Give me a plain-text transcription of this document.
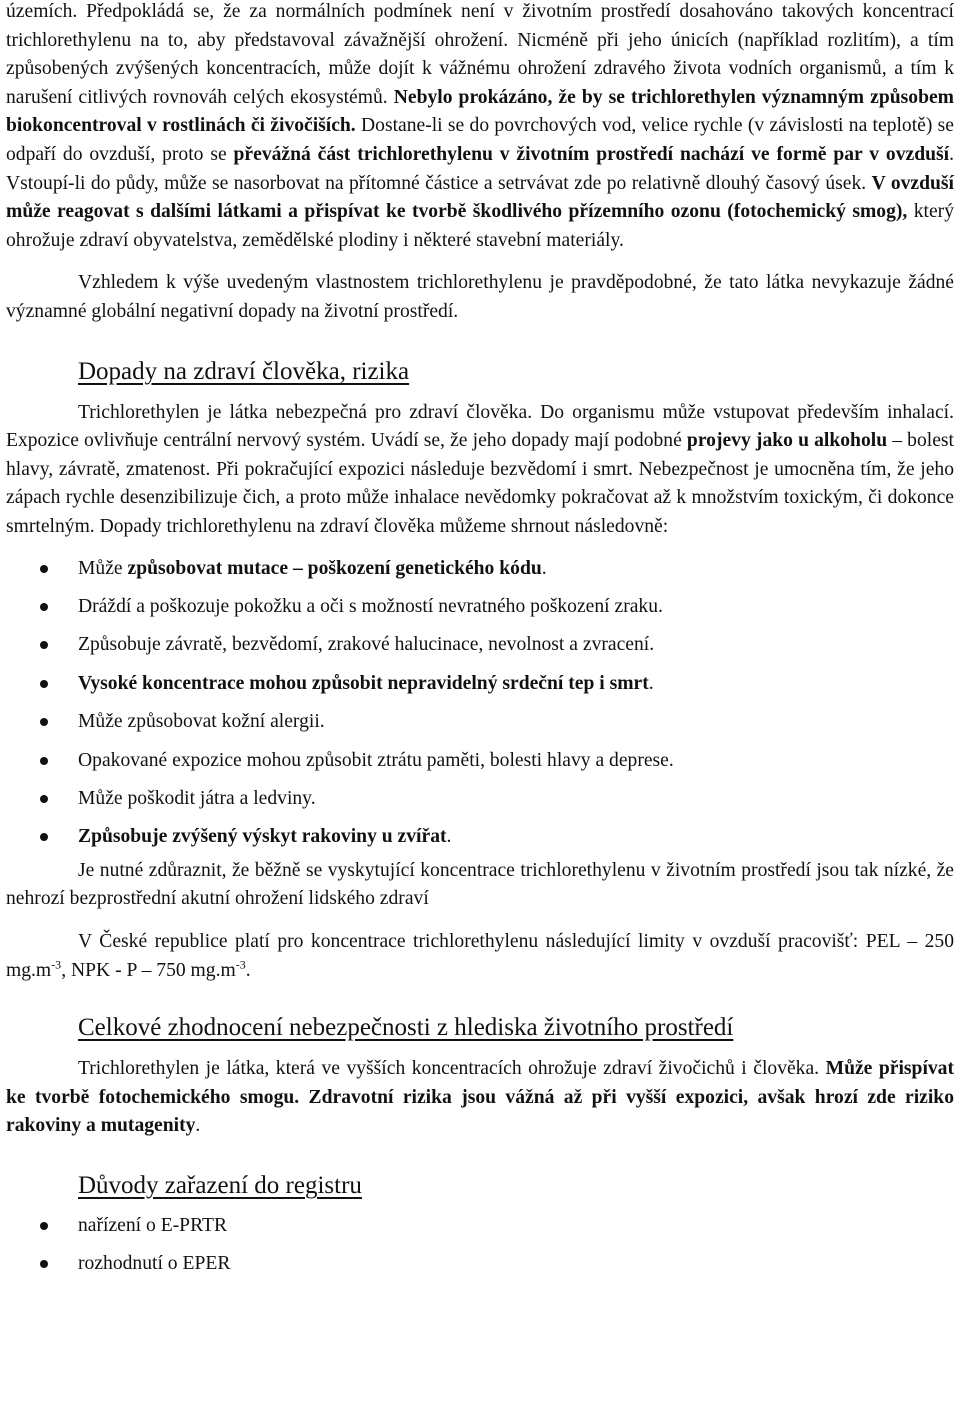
územích. Předpokládá se, že za normálních podmínek není v životním prostředí dosahováno takových koncentrací trichlorethylenu na to, aby představoval závažnější ohrožení. Nicméně při jeho únicích (například rozlitím), a tím způsobených zvýšených koncentracích, může dojít k vážnému ohrožení zdravého života vodních organismů, a tím k narušení citlivých rovnováh celých ekosystémů. Nebylo prokázáno, že by se trichlorethylen významným způsobem biokoncentroval v rostlinách či živočiších. Dostane-li se do povrchových vod, velice rychle (v závislosti na teplotě) se odpaří do ovzduší, proto se převážná část trichlorethylenu v životním prostředí nachází ve formě par v ovzduší. Vstoupí-li do půdy, může se nasorbovat na přítomné částice a setrvávat zde po relativně dlouhý časový úsek. V ovzduší může reagovat s dalšími látkami a přispívat ke tvorbě škodlivého přízemního ozonu (fotochemický smog), který ohrožuje zdraví obyvatelstva, zemědělské plodiny i některé stavební materiály.

Vzhledem k výše uvedeným vlastnostem trichlorethylenu je pravděpodobné, že tato látka nevykazuje žádné významné globální negativní dopady na životní prostředí.

Dopady na zdraví člověka, rizika

Trichlorethylen je látka nebezpečná pro zdraví člověka. Do organismu může vstupovat především inhalací. Expozice ovlivňuje centrální nervový systém. Uvádí se, že jeho dopady mají podobné projevy jako u alkoholu – bolest hlavy, závratě, zmatenost. Při pokračující expozici následuje bezvědomí i smrt. Nebezpečnost je umocněna tím, že jeho zápach rychle desenzibilizuje čich, a proto může inhalace nevědomky pokračovat až k množstvím toxickým, či dokonce smrtelným. Dopady trichlorethylenu na zdraví člověka můžeme shrnout následovně:

Může způsobovat mutace – poškození genetického kódu.
Dráždí a poškozuje pokožku a oči s možností nevratného poškození zraku.
Způsobuje závratě, bezvědomí, zrakové halucinace, nevolnost a zvracení.
Vysoké koncentrace mohou způsobit nepravidelný srdeční tep i smrt.
Může způsobovat kožní alergii.
Opakované expozice mohou způsobit ztrátu paměti, bolesti hlavy a deprese.
Může poškodit játra a ledviny.
Způsobuje zvýšený výskyt rakoviny u zvířat.

Je nutné zdůraznit, že běžně se vyskytující koncentrace trichlorethylenu v životním prostředí jsou tak nízké, že nehrozí bezprostřední akutní ohrožení lidského zdraví

V České republice platí pro koncentrace trichlorethylenu následující limity v ovzduší pracovišť: PEL – 250 $mg.m^{-3}$, NPK - P – 750 $mg.m^{-3}$.

Celkové zhodnocení nebezpečnosti z hlediska životního prostředí

Trichlorethylen je látka, která ve vyšších koncentracích ohrožuje zdraví živočichů i člověka. Může přispívat ke tvorbě fotochemického smogu. Zdravotní rizika jsou vážná až při vyšší expozici, avšak hrozí zde riziko rakoviny a mutagenity.

Důvody zařazení do registru
nařízení o E-PRTR
rozhodnutí o EPER
